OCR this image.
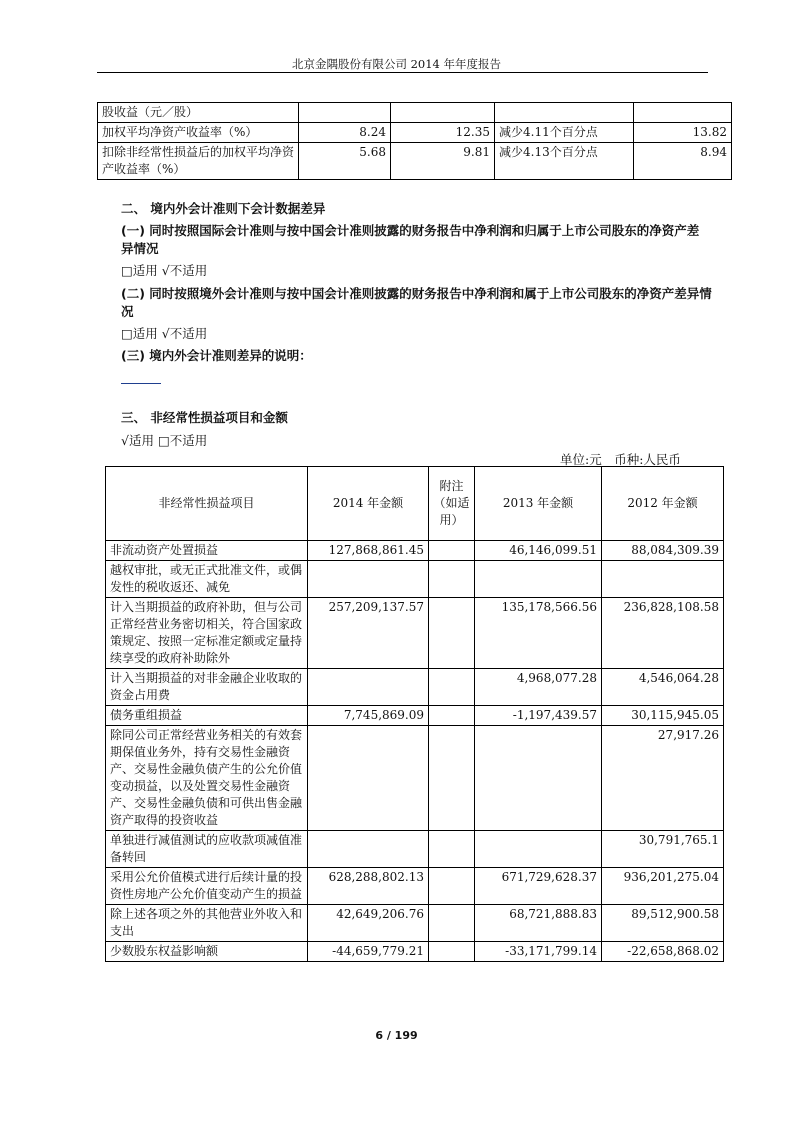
北京金隅股份有限公司 2014 年年度报告
股收益（元／股）				
加权平均净资产收益率（%）	8.24	12.35	减少4.11个百分点	13.82
扣除非经常性损益后的加权平均净资产收益率（%）	5.68	9.81	减少4.13个百分点	8.94
二、 境内外会计准则下会计数据差异
(一) 同时按照国际会计准则与按中国会计准则披露的财务报告中净利润和归属于上市公司股东的净资产差异情况
□适用 √不适用
(二) 同时按照境外会计准则与按中国会计准则披露的财务报告中净利润和属于上市公司股东的净资产差异情况
□适用 √不适用
(三) 境内外会计准则差异的说明：
三、 非经常性损益项目和金额
√适用 □不适用
单位:元　币种:人民币
非经常性损益项目	2014 年金额	附注（如适用）	2013 年金额	2012 年金额
非流动资产处置损益	127,868,861.45		46,146,099.51	88,084,309.39
越权审批，或无正式批准文件，或偶发性的税收返还、减免				
计入当期损益的政府补助，但与公司正常经营业务密切相关，符合国家政策规定、按照一定标准定额或定量持续享受的政府补助除外	257,209,137.57		135,178,566.56	236,828,108.58
计入当期损益的对非金融企业收取的资金占用费			4,968,077.28	4,546,064.28
债务重组损益	7,745,869.09		-1,197,439.57	30,115,945.05
除同公司正常经营业务相关的有效套期保值业务外，持有交易性金融资产、交易性金融负债产生的公允价值变动损益，以及处置交易性金融资产、交易性金融负债和可供出售金融资产取得的投资收益				27,917.26
单独进行减值测试的应收款项减值准备转回				30,791,765.1
采用公允价值模式进行后续计量的投资性房地产公允价值变动产生的损益	628,288,802.13		671,729,628.37	936,201,275.04
除上述各项之外的其他营业外收入和支出	42,649,206.76		68,721,888.83	89,512,900.58
少数股东权益影响额	-44,659,779.21		-33,171,799.14	-22,658,868.02
6 / 199
